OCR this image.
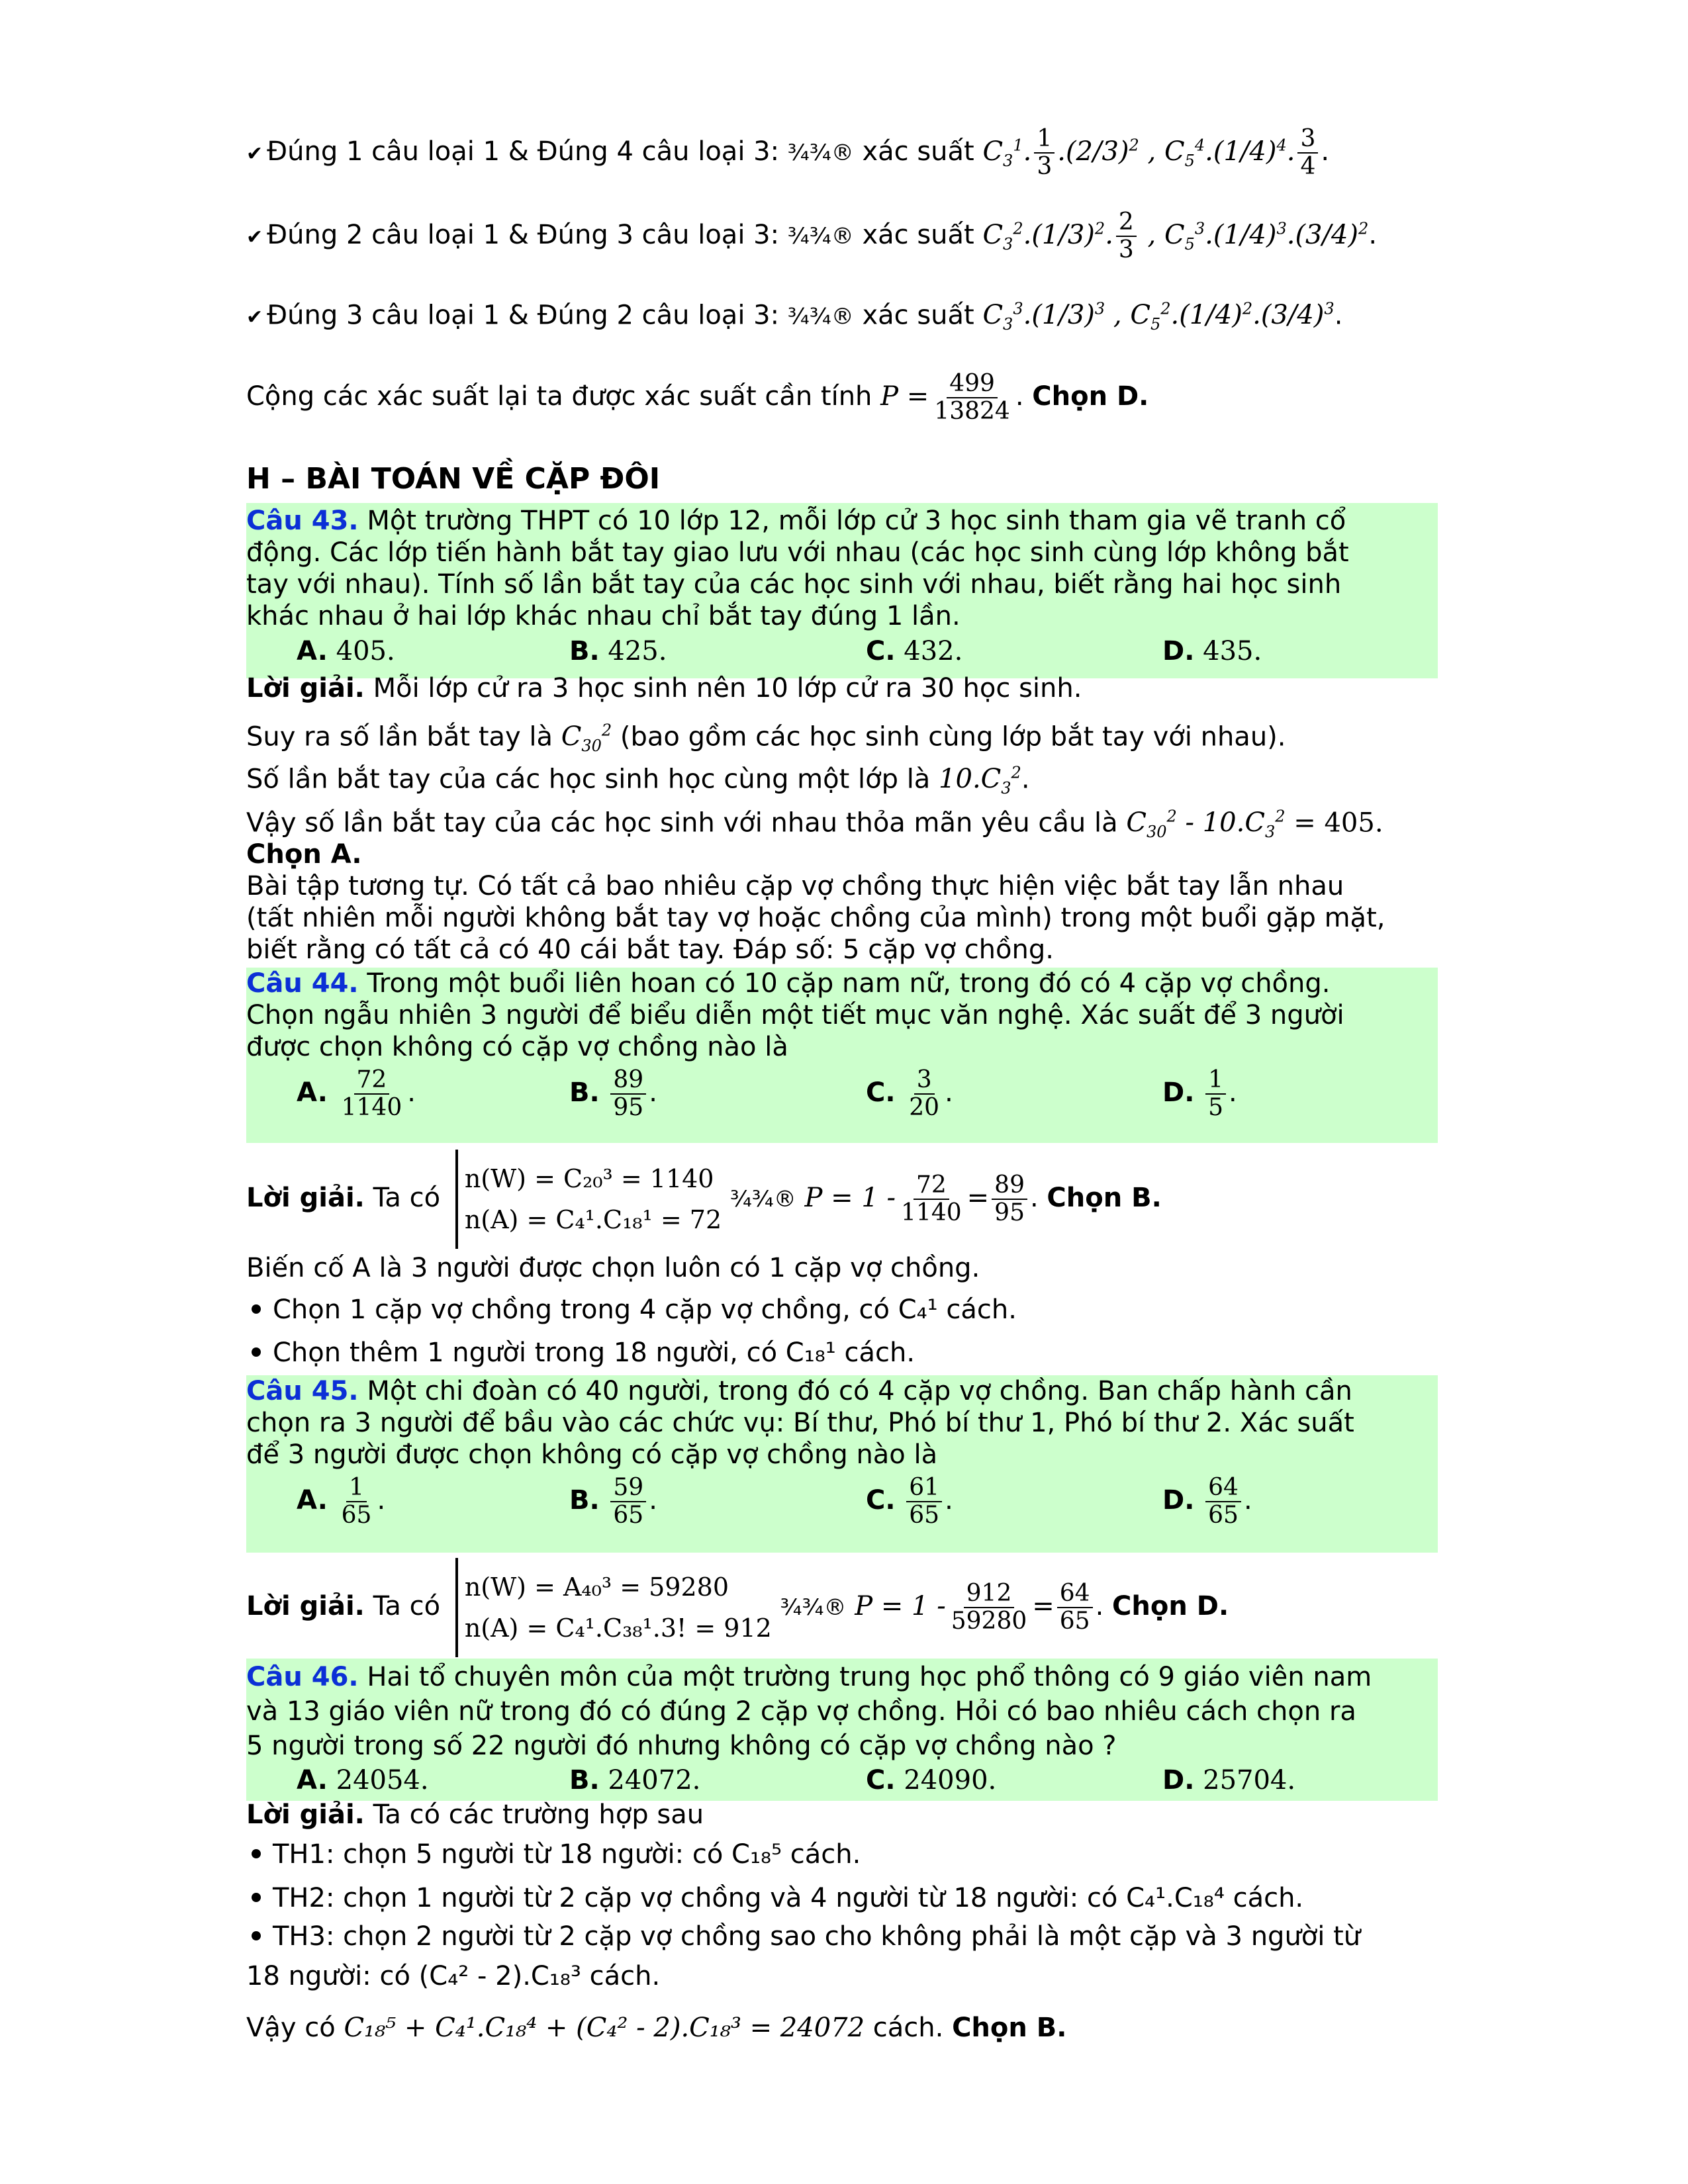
✔ Đúng 1 câu loại 1 & Đúng 4 câu loại 3: ¾¾® xác suất $C_3^1$. $\frac{1}{3} .(2/3)^2$ , $C_5^4.(1/4)^4$. $\frac{3}{4}$ .
✔ Đúng 2 câu loại 1 & Đúng 3 câu loại 3: ¾¾® xác suất $C_3^2.(1/3)^2$. $\frac{2}{3}$ , $C_5^3.(1/4)^3.(3/4)^2$.
✔ Đúng 3 câu loại 1 & Đúng 2 câu loại 3: ¾¾® xác suất $C_3^3.(1/3)^3$ , $C_5^2.(1/4)^2.(3/4)^3$.
Cộng các xác suất lại ta được xác suất cần tính $P = \frac{499}{13824}$ . Chọn D.
H – BÀI TOÁN VỀ CẶP ĐÔI
Câu 43. Một trường THPT có 10 lớp 12, mỗi lớp cử 3 học sinh tham gia vẽ tranh cổ
động. Các lớp tiến hành bắt tay giao lưu với nhau (các học sinh cùng lớp không bắt
tay với nhau). Tính số lần bắt tay của các học sinh với nhau, biết rằng hai học sinh
khác nhau ở hai lớp khác nhau chỉ bắt tay đúng 1 lần.
A. 405.	B. 425.	C. 432.	D. 435.
Lời giải. Mỗi lớp cử ra 3 học sinh nên 10 lớp cử ra 30 học sinh.
Suy ra số lần bắt tay là $C_{30}^2$ (bao gồm các học sinh cùng lớp bắt tay với nhau).
Số lần bắt tay của các học sinh học cùng một lớp là $10.C_3^2$.
Vậy số lần bắt tay của các học sinh với nhau thỏa mãn yêu cầu là $C_{30}^2 - 10.C_3^2 = 405$.
Chọn A.
Bài tập tương tự. Có tất cả bao nhiêu cặp vợ chồng thực hiện việc bắt tay lẫn nhau
(tất nhiên mỗi người không bắt tay vợ hoặc chồng của mình) trong một buổi gặp mặt,
biết rằng có tất cả có 40 cái bắt tay. Đáp số: 5 cặp vợ chồng.
Câu 44. Trong một buổi liên hoan có 10 cặp nam nữ, trong đó có 4 cặp vợ chồng.
Chọn ngẫu nhiên 3 người để biểu diễn một tiết mục văn nghệ. Xác suất để 3 người
được chọn không có cặp vợ chồng nào là
A. $\frac{72}{1140}$ .	B. $\frac{89}{95}$ .	C. $\frac{3}{20}$ .	D. $\frac{1}{5}$ .
Lời giải. Ta có
n(W) = C₂₀³ = 1140
n(A) = C₄¹.C₁₈¹ = 72
¾¾® $P = 1 - \frac{72}{1140} = \frac{89}{95}$ . Chọn B.
Biến cố A là 3 người được chọn luôn có 1 cặp vợ chồng.
Chọn 1 cặp vợ chồng trong 4 cặp vợ chồng, có C₄¹ cách.
Chọn thêm 1 người trong 18 người, có C₁₈¹ cách.
Câu 45. Một chi đoàn có 40 người, trong đó có 4 cặp vợ chồng. Ban chấp hành cần
chọn ra 3 người để bầu vào các chức vụ: Bí thư, Phó bí thư 1, Phó bí thư 2. Xác suất
để 3 người được chọn không có cặp vợ chồng nào là
A. $\frac{1}{65}$ .	B. $\frac{59}{65}$ .	C. $\frac{61}{65}$ .	D. $\frac{64}{65}$ .
Lời giải. Ta có
n(W) = A₄₀³ = 59280
n(A) = C₄¹.C₃₈¹.3! = 912
¾¾® $P = 1 - \frac{912}{59280} = \frac{64}{65}$ . Chọn D.
Câu 46. Hai tổ chuyên môn của một trường trung học phổ thông có 9 giáo viên nam
và 13 giáo viên nữ trong đó có đúng 2 cặp vợ chồng. Hỏi có bao nhiêu cách chọn ra
5 người trong số 22 người đó nhưng không có cặp vợ chồng nào ?
A. 24054.	B. 24072.	C. 24090.	D. 25704.
Lời giải. Ta có các trường hợp sau
TH1: chọn 5 người từ 18 người: có C₁₈⁵ cách.
TH2: chọn 1 người từ 2 cặp vợ chồng và 4 người từ 18 người: có C₄¹.C₁₈⁴ cách.
TH3: chọn 2 người từ 2 cặp vợ chồng sao cho không phải là một cặp và 3 người từ
18 người: có (C₄² - 2).C₁₈³ cách.
Vậy có C₁₈⁵ + C₄¹.C₁₈⁴ + (C₄² - 2).C₁₈³ = 24072 cách. Chọn B.
